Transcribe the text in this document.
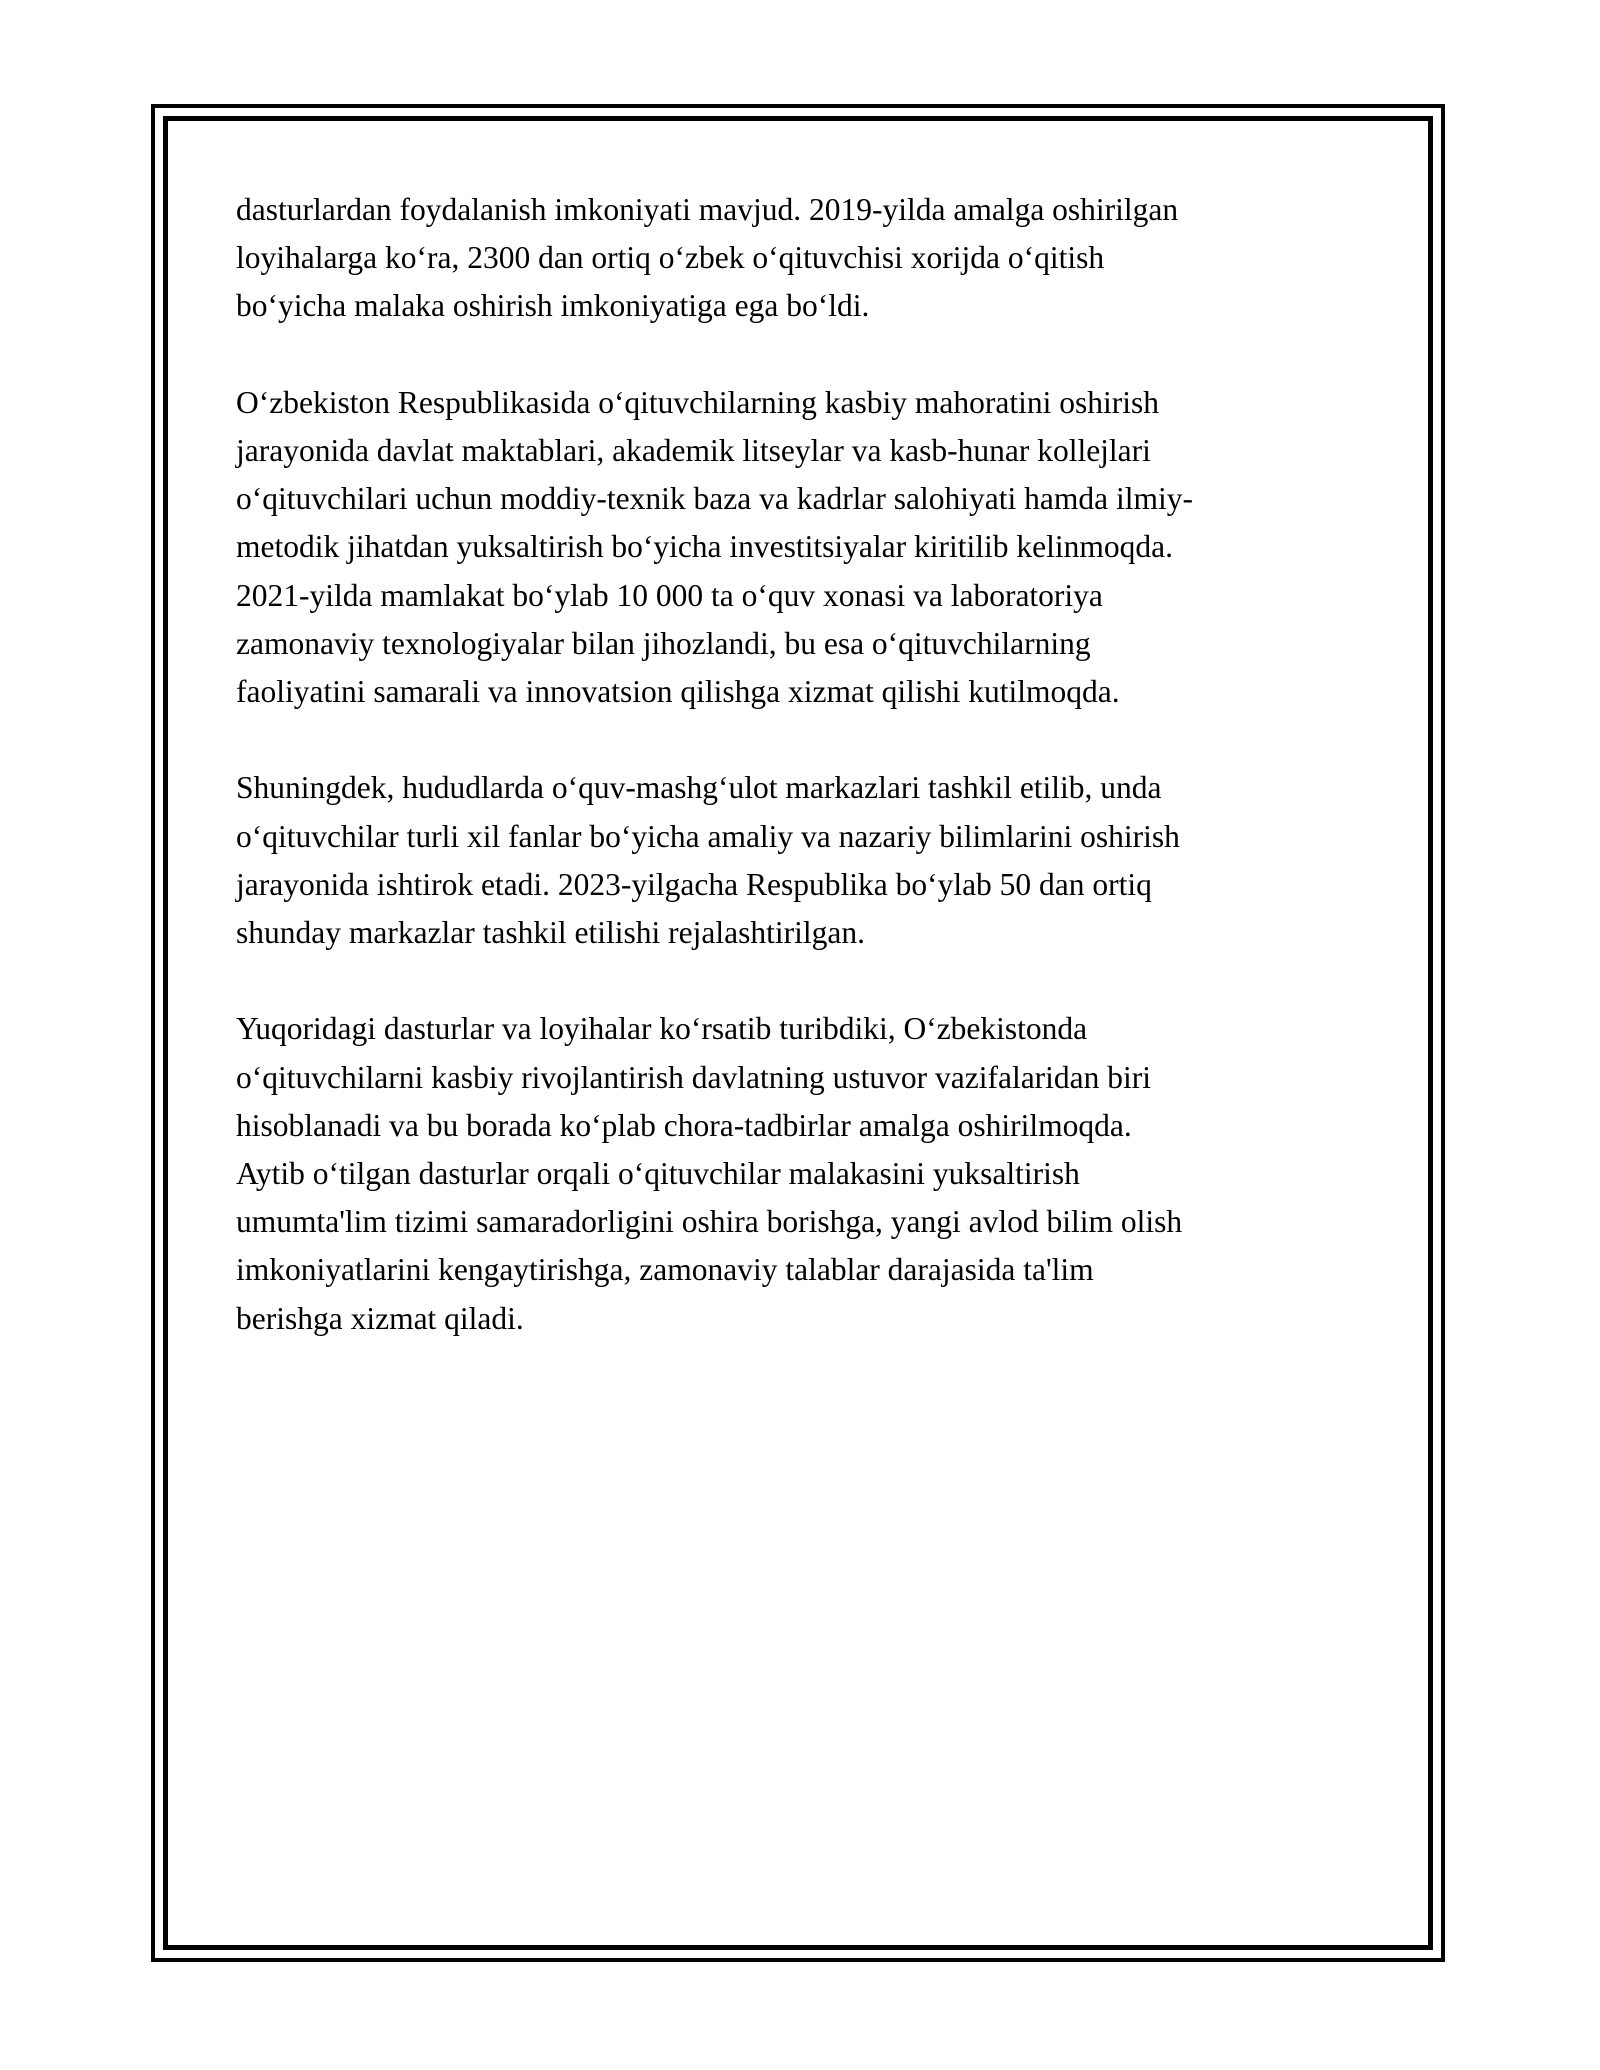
dasturlardan foydalanish imkoniyati mavjud. 2019-yilda amalga oshirilgan
loyihalarga ko‘ra, 2300 dan ortiq o‘zbek o‘qituvchisi xorijda o‘qitish
bo‘yicha malaka oshirish imkoniyatiga ega bo‘ldi.

O‘zbekiston Respublikasida o‘qituvchilarning kasbiy mahoratini oshirish
jarayonida davlat maktablari, akademik litseylar va kasb-hunar kollejlari
o‘qituvchilari uchun moddiy-texnik baza va kadrlar salohiyati hamda ilmiy-
metodik jihatdan yuksaltirish bo‘yicha investitsiyalar kiritilib kelinmoqda.
2021-yilda mamlakat bo‘ylab 10 000 ta o‘quv xonasi va laboratoriya
zamonaviy texnologiyalar bilan jihozlandi, bu esa o‘qituvchilarning
faoliyatini samarali va innovatsion qilishga xizmat qilishi kutilmoqda.

Shuningdek, hududlarda o‘quv-mashg‘ulot markazlari tashkil etilib, unda
o‘qituvchilar turli xil fanlar bo‘yicha amaliy va nazariy bilimlarini oshirish
jarayonida ishtirok etadi. 2023-yilgacha Respublika bo‘ylab 50 dan ortiq
shunday markazlar tashkil etilishi rejalashtirilgan.

Yuqoridagi dasturlar va loyihalar ko‘rsatib turibdiki, O‘zbekistonda
o‘qituvchilarni kasbiy rivojlantirish davlatning ustuvor vazifalaridan biri
hisoblanadi va bu borada ko‘plab chora-tadbirlar amalga oshirilmoqda.
Aytib o‘tilgan dasturlar orqali o‘qituvchilar malakasini yuksaltirish
umumta'lim tizimi samaradorligini oshira borishga, yangi avlod bilim olish
imkoniyatlarini kengaytirishga, zamonaviy talablar darajasida ta'lim
berishga xizmat qiladi.
